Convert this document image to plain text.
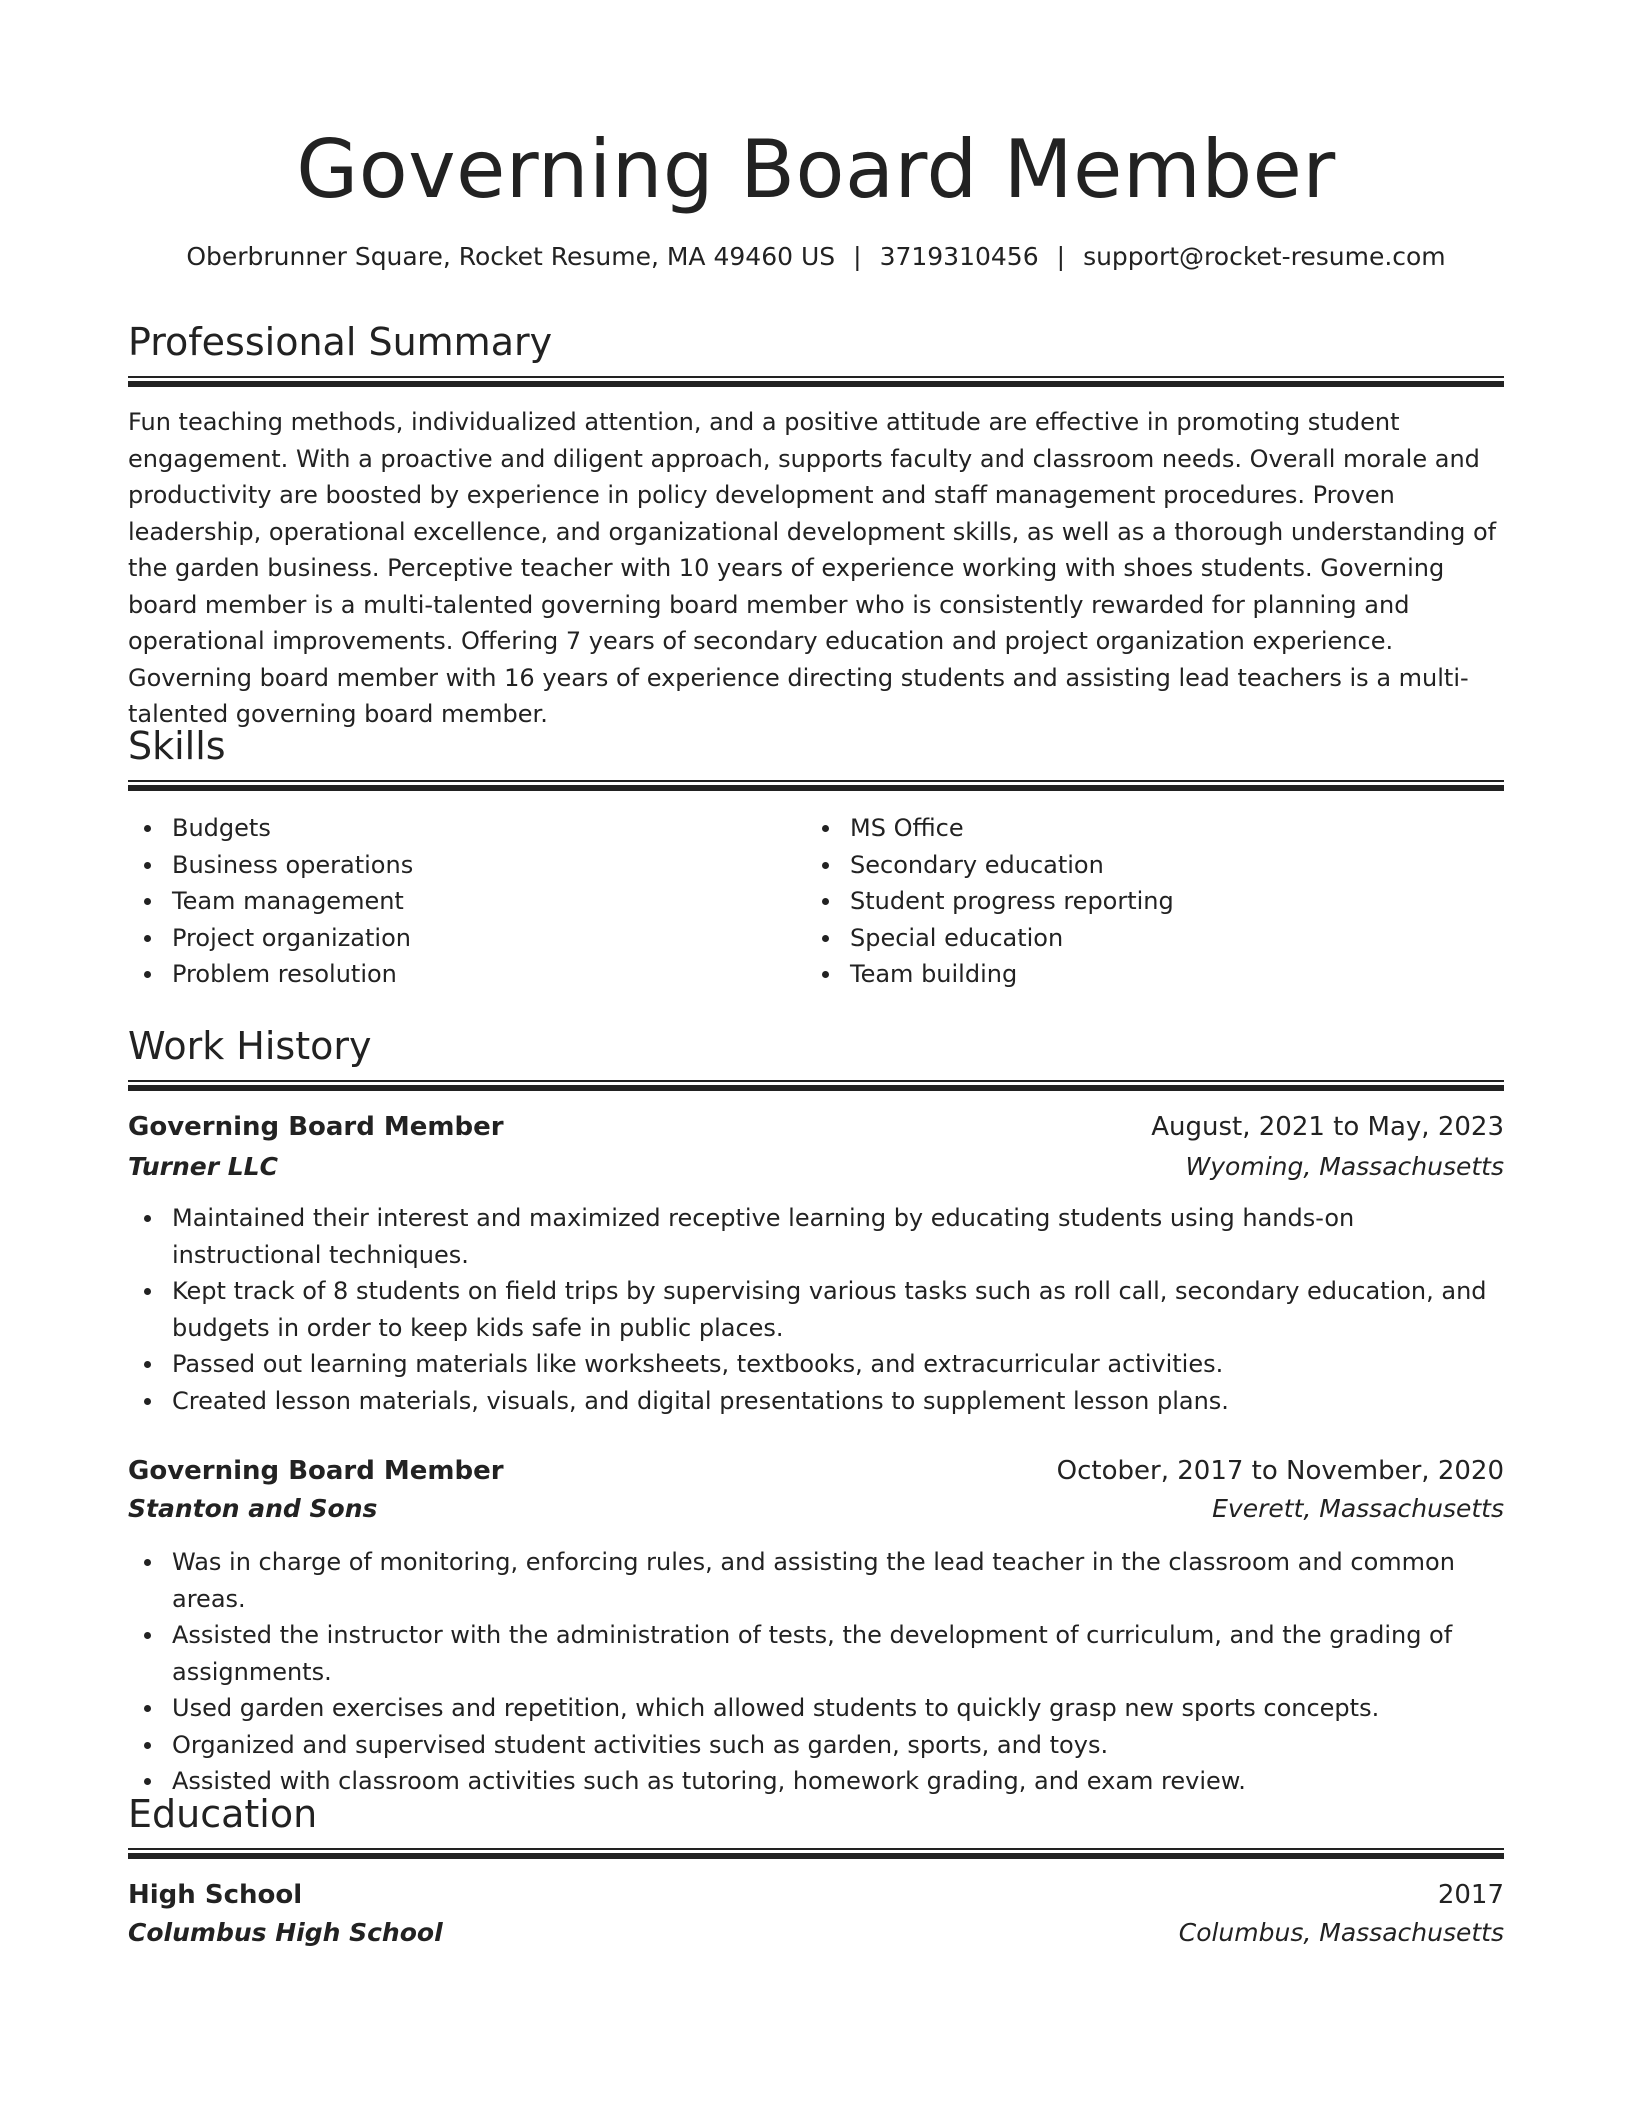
Governing Board Member
Oberbrunner Square, Rocket Resume, MA 49460 US | 3719310456 | support@rocket-resume.com
Professional Summary
Fun teaching methods, individualized attention, and a positive attitude are effective in promoting student engagement. With a proactive and diligent approach, supports faculty and classroom needs. Overall morale and productivity are boosted by experience in policy development and staff management procedures. Proven leadership, operational excellence, and organizational development skills, as well as a thorough understanding of the garden business. Perceptive teacher with 10 years of experience working with shoes students. Governing board member is a multi-talented governing board member who is consistently rewarded for planning and operational improvements. Offering 7 years of secondary education and project organization experience. Governing board member with 16 years of experience directing students and assisting lead teachers is a multi-talented governing board member.
Skills
Budgets
Business operations
Team management
Project organization
Problem resolution
MS Office
Secondary education
Student progress reporting
Special education
Team building
Work History
Governing Board Member	August, 2021 to May, 2023
Turner LLC	Wyoming, Massachusetts
Maintained their interest and maximized receptive learning by educating students using hands-on instructional techniques.
Kept track of 8 students on field trips by supervising various tasks such as roll call, secondary education, and budgets in order to keep kids safe in public places.
Passed out learning materials like worksheets, textbooks, and extracurricular activities.
Created lesson materials, visuals, and digital presentations to supplement lesson plans.
Governing Board Member	October, 2017 to November, 2020
Stanton and Sons	Everett, Massachusetts
Was in charge of monitoring, enforcing rules, and assisting the lead teacher in the classroom and common areas.
Assisted the instructor with the administration of tests, the development of curriculum, and the grading of assignments.
Used garden exercises and repetition, which allowed students to quickly grasp new sports concepts.
Organized and supervised student activities such as garden, sports, and toys.
Assisted with classroom activities such as tutoring, homework grading, and exam review.
Education
High School	2017
Columbus High School	Columbus, Massachusetts
